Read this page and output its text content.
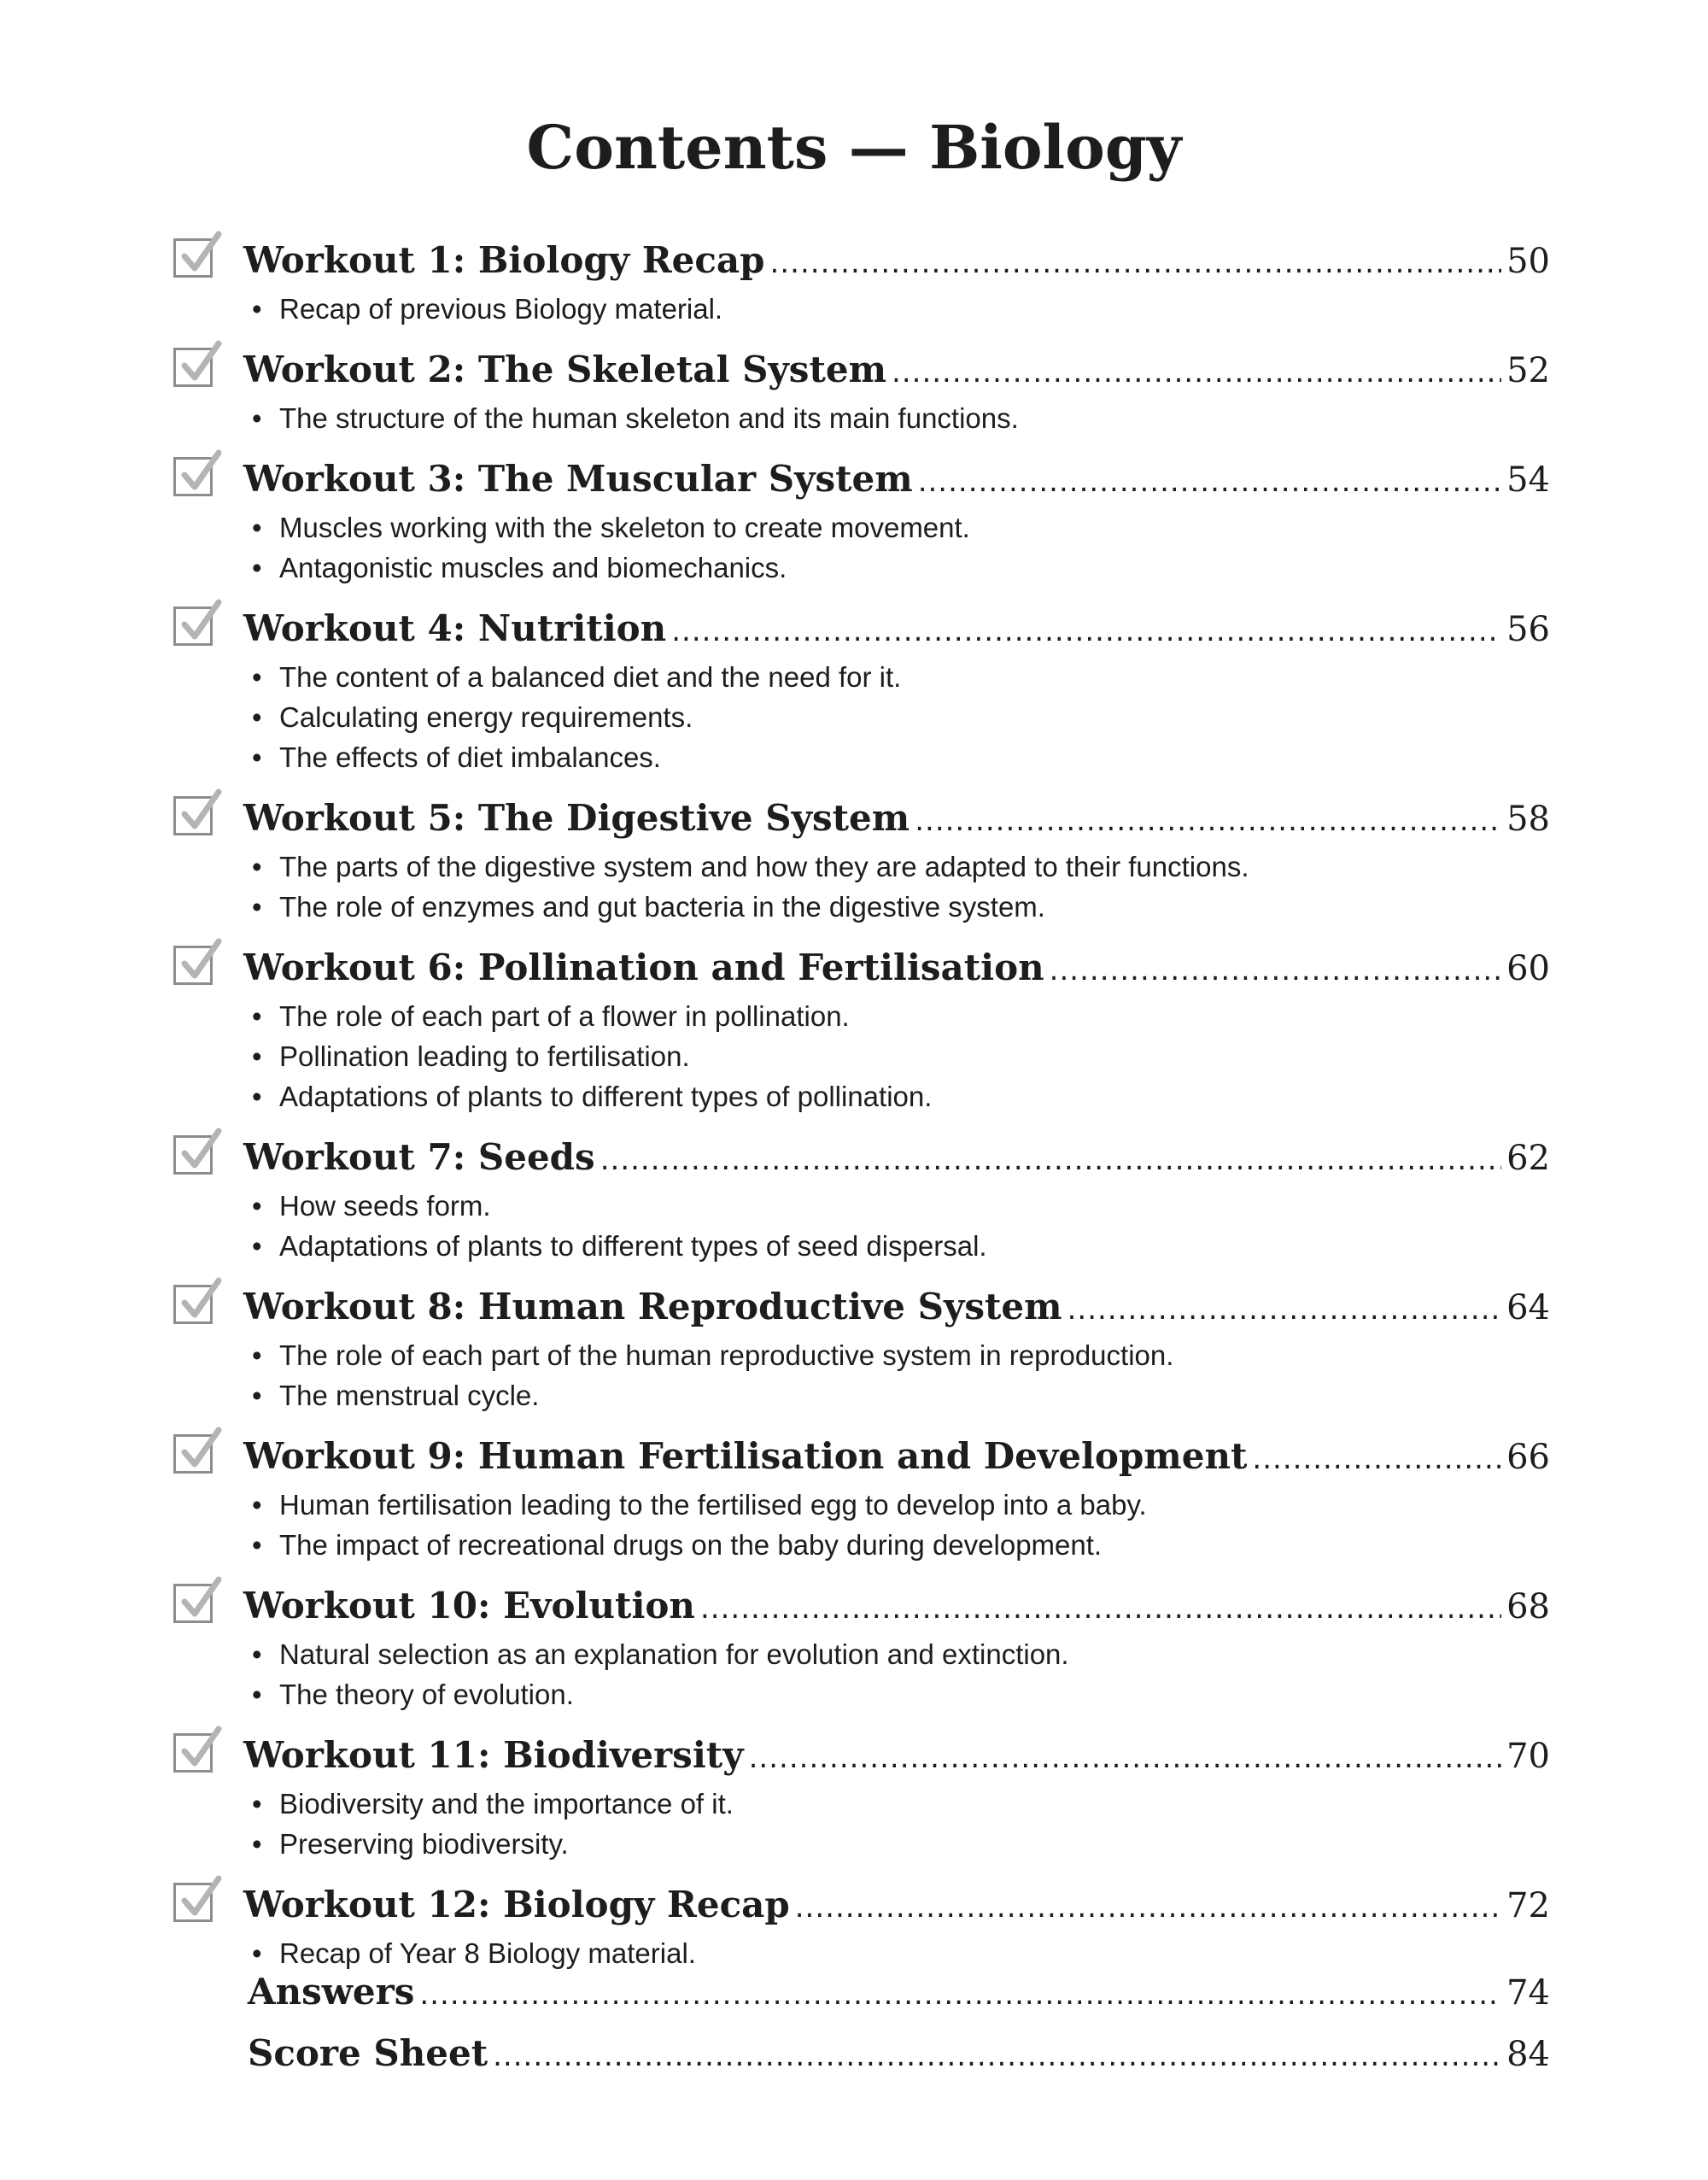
Contents — Biology
Workout 1: Biology Recap .....	50
• Recap of previous Biology material.
Workout 2: The Skeletal System .....	52
• The structure of the human skeleton and its main functions.
Workout 3: The Muscular System .....	54
• Muscles working with the skeleton to create movement.
• Antagonistic muscles and biomechanics.
Workout 4: Nutrition .....	56
• The content of a balanced diet and the need for it.
• Calculating energy requirements.
• The effects of diet imbalances.
Workout 5: The Digestive System .....	58
• The parts of the digestive system and how they are adapted to their functions.
• The role of enzymes and gut bacteria in the digestive system.
Workout 6: Pollination and Fertilisation .....	60
• The role of each part of a flower in pollination.
• Pollination leading to fertilisation.
• Adaptations of plants to different types of pollination.
Workout 7: Seeds .....	62
• How seeds form.
• Adaptations of plants to different types of seed dispersal.
Workout 8: Human Reproductive System .....	64
• The role of each part of the human reproductive system in reproduction.
• The menstrual cycle.
Workout 9: Human Fertilisation and Development .....	66
• Human fertilisation leading to the fertilised egg to develop into a baby.
• The impact of recreational drugs on the baby during development.
Workout 10: Evolution .....	68
• Natural selection as an explanation for evolution and extinction.
• The theory of evolution.
Workout 11: Biodiversity .....	70
• Biodiversity and the importance of it.
• Preserving biodiversity.
Workout 12: Biology Recap .....	72
• Recap of Year 8 Biology material.
Answers .....	74
Score Sheet .....	84
